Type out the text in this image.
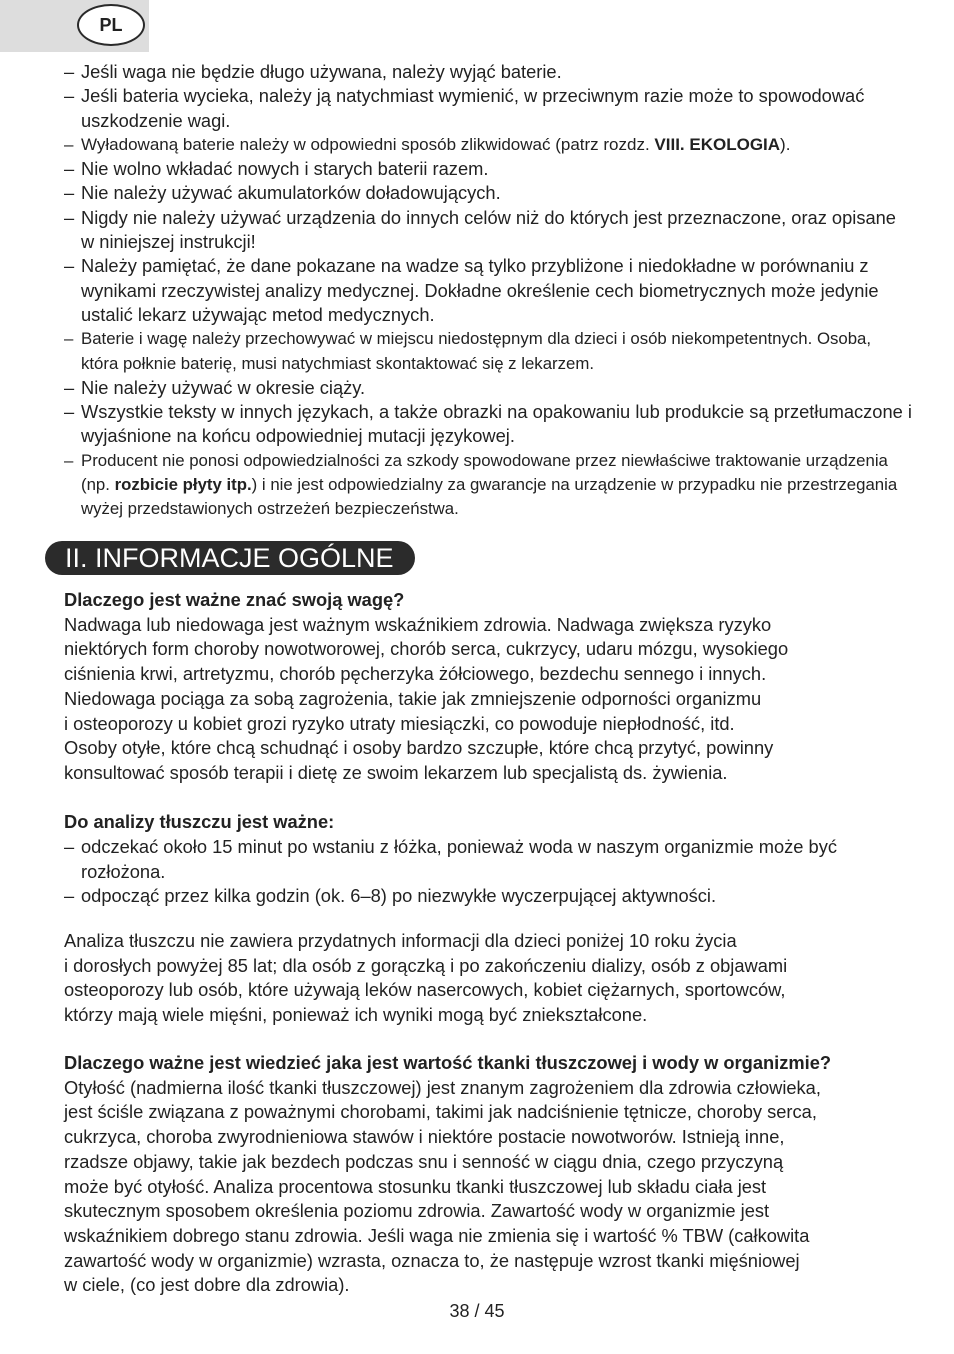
PL
– Jeśli waga nie będzie długo używana, należy wyjąć baterie.
– Jeśli bateria wycieka, należy ją natychmiast wymienić, w przeciwnym razie może to spowodować uszkodzenie wagi.
– Wyładowaną baterie należy w odpowiedni sposób zlikwidować (patrz rozdz. VIII. EKOLOGIA).
– Nie wolno wkładać nowych i starych baterii razem.
– Nie należy używać akumulatorków doładowujących.
– Nigdy nie należy używać urządzenia do innych celów niż do których jest przeznaczone, oraz opisane w niniejszej instrukcji!
– Należy pamiętać, że dane pokazane na wadze są tylko przybliżone i niedokładne w porównaniu z wynikami rzeczywistej analizy medycznej. Dokładne określenie cech biometrycznych może jedynie ustalić lekarz używając metod medycznych.
– Baterie i wagę należy przechowywać w miejscu niedostępnym dla dzieci i osób niekompetentnych. Osoba, która połknie baterię, musi natychmiast skontaktować się z lekarzem.
– Nie należy używać w okresie ciąży.
– Wszystkie teksty w innych językach, a także obrazki na opakowaniu lub produkcie są przetłumaczone i wyjaśnione na końcu odpowiedniej mutacji językowej.
– Producent nie ponosi odpowiedzialności za szkody spowodowane przez niewłaściwe traktowanie urządzenia (np. rozbicie płyty itp.) i nie jest odpowiedzialny za gwarancje na urządzenie w przypadku nie przestrzegania wyżej przedstawionych ostrzeżeń bezpieczeństwa.
II. INFORMACJE OGÓLNE

Dlaczego jest ważne znać swoją wagę?

Nadwaga lub niedowaga jest ważnym wskaźnikiem zdrowia. Nadwaga zwiększa ryzyko

niektórych form choroby nowotworowej, chorób serca, cukrzycy, udaru mózgu, wysokiego

ciśnienia krwi, artretyzmu, chorób pęcherzyka żółciowego, bezdechu sennego i innych.

Niedowaga pociąga za sobą zagrożenia, takie jak zmniejszenie odporności organizmu

i osteoporozy u kobiet grozi ryzyko utraty miesiączki, co powoduje niepłodność, itd.

Osoby otyłe, które chcą schudnąć i osoby bardzo szczupłe, które chcą przytyć, powinny

konsultować sposób terapii i dietę ze swoim lekarzem lub specjalistą ds. żywienia.

Do analizy tłuszczu jest ważne:

– odczekać około 15 minut po wstaniu z łóżka, ponieważ woda w naszym organizmie może być rozłożona.
– odpocząć przez kilka godzin (ok. 6–8) po niezwykłe wyczerpującej aktywności.

Analiza tłuszczu nie zawiera przydatnych informacji dla dzieci poniżej 10 roku życia

i dorosłych powyżej 85 lat; dla osób z gorączką i po zakończeniu dializy, osób z objawami

osteoporozy lub osób, które używają leków nasercowych, kobiet ciężarnych, sportowców,

którzy mają wiele mięśni, ponieważ ich wyniki mogą być zniekształcone.

Dlaczego ważne jest wiedzieć jaka jest wartość tkanki tłuszczowej i wody w organizmie?

Otyłość (nadmierna ilość tkanki tłuszczowej) jest znanym zagrożeniem dla zdrowia człowieka,

jest ściśle związana z poważnymi chorobami, takimi jak nadciśnienie tętnicze, choroby serca,

cukrzyca, choroba zwyrodnieniowa stawów i niektóre postacie nowotworów. Istnieją inne,

rzadsze objawy, takie jak bezdech podczas snu i senność w ciągu dnia, czego przyczyną

może być otyłość. Analiza procentowa stosunku tkanki tłuszczowej lub składu ciała jest

skutecznym sposobem określenia poziomu zdrowia. Zawartość wody w organizmie jest

wskaźnikiem dobrego stanu zdrowia. Jeśli waga nie zmienia się i wartość % TBW (całkowita

zawartość wody w organizmie) wzrasta, oznacza to, że następuje wzrost tkanki mięśniowej

w ciele, (co jest dobre dla zdrowia).

38 / 45
